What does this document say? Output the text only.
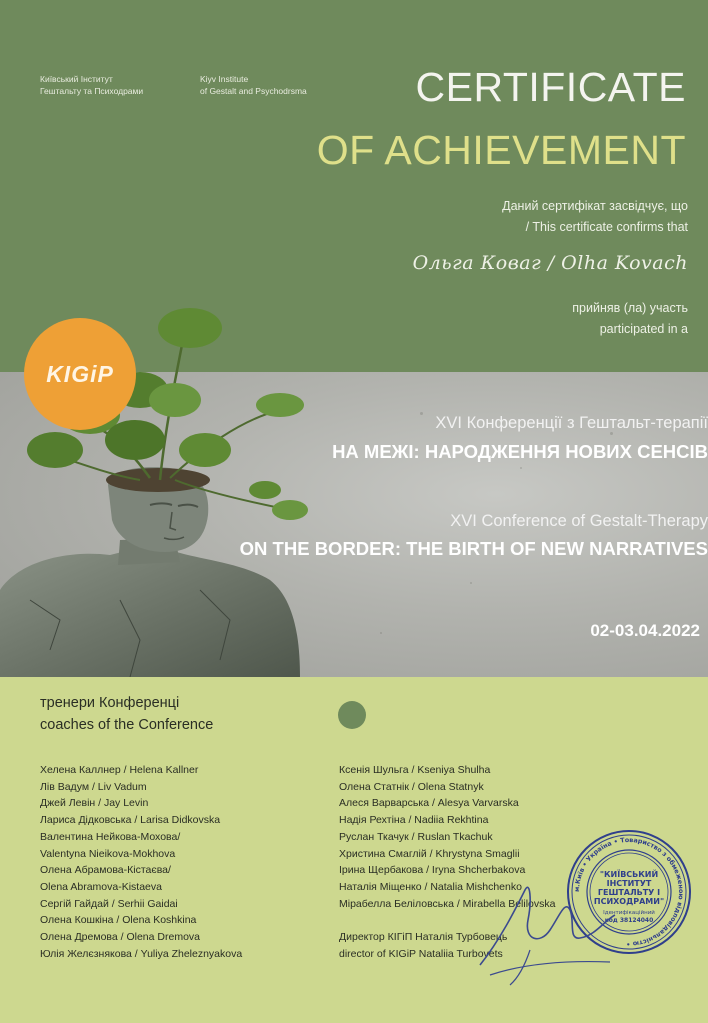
Київський Інститут
Гештальту та Психодрами
Kiyv Institute
of Gestalt and Psychodrsma	CERTIFICATE
OF ACHIEVEMENT
Даний сертифікат засвідчує, що
/ This certificate confirms that
Ольга Коваг / Olha Kovach
прийняв (ла) участь
participated in a
KIGiP
XVI Конференції з Гештальт-терапії
НА МЕЖІ: НАРОДЖЕННЯ НОВИХ СЕНСІВ
XVI Conference of Gestalt-Therapy
ON THE BORDER: THE BIRTH OF NEW NARRATIVES
02-03.04.2022
тренери Конференці
coaches of the Conference
Хелена Каллнер / Helena Kallner
Лів Вадум / Liv Vadum
Джей Левін / Jay Levin
Лариса Дідковська / Larisa Didkovska
Валентина Нейкова-Мохова/
Valentyna Nieikova-Mokhova
Олена Абрамова-Кістаєва/
Olena Abramova-Kistaeva
Сергій Гайдай / Serhii Gaidai
Олена Кошкіна / Olena Koshkina
Олена Дремова / Olena Dremova
Юлія Желєзнякова / Yuliya Zheleznyakova
Ксенія Шульга / Kseniya Shulha
Олена Статнік / Olena Statnyk
Алеся Варварська / Alesya Varvarska
Надія Рехтіна / Nadiia Rekhtina
Руслан Ткачук / Ruslan Tkachuk
Христина Смаглій / Khrystyna Smaglii
Ірина Щербакова / Iryna Shcherbakova
Наталія Міщенко / Natalia Mishchenko
Мірабелла Беліловська / Mirabella Belilovska
Директор КІГіП Наталія Турбовець
director of KIGiP Nataliia Turbovets
м.Київ • Україна • Товариство з обмеженою відповідальністю •
"КИЇВСЬКИЙ
ІНСТИТУТ
ГЕШТАЛЬТУ І
ПСИХОДРАМИ"
Ідентифікаційний
код 38124040
